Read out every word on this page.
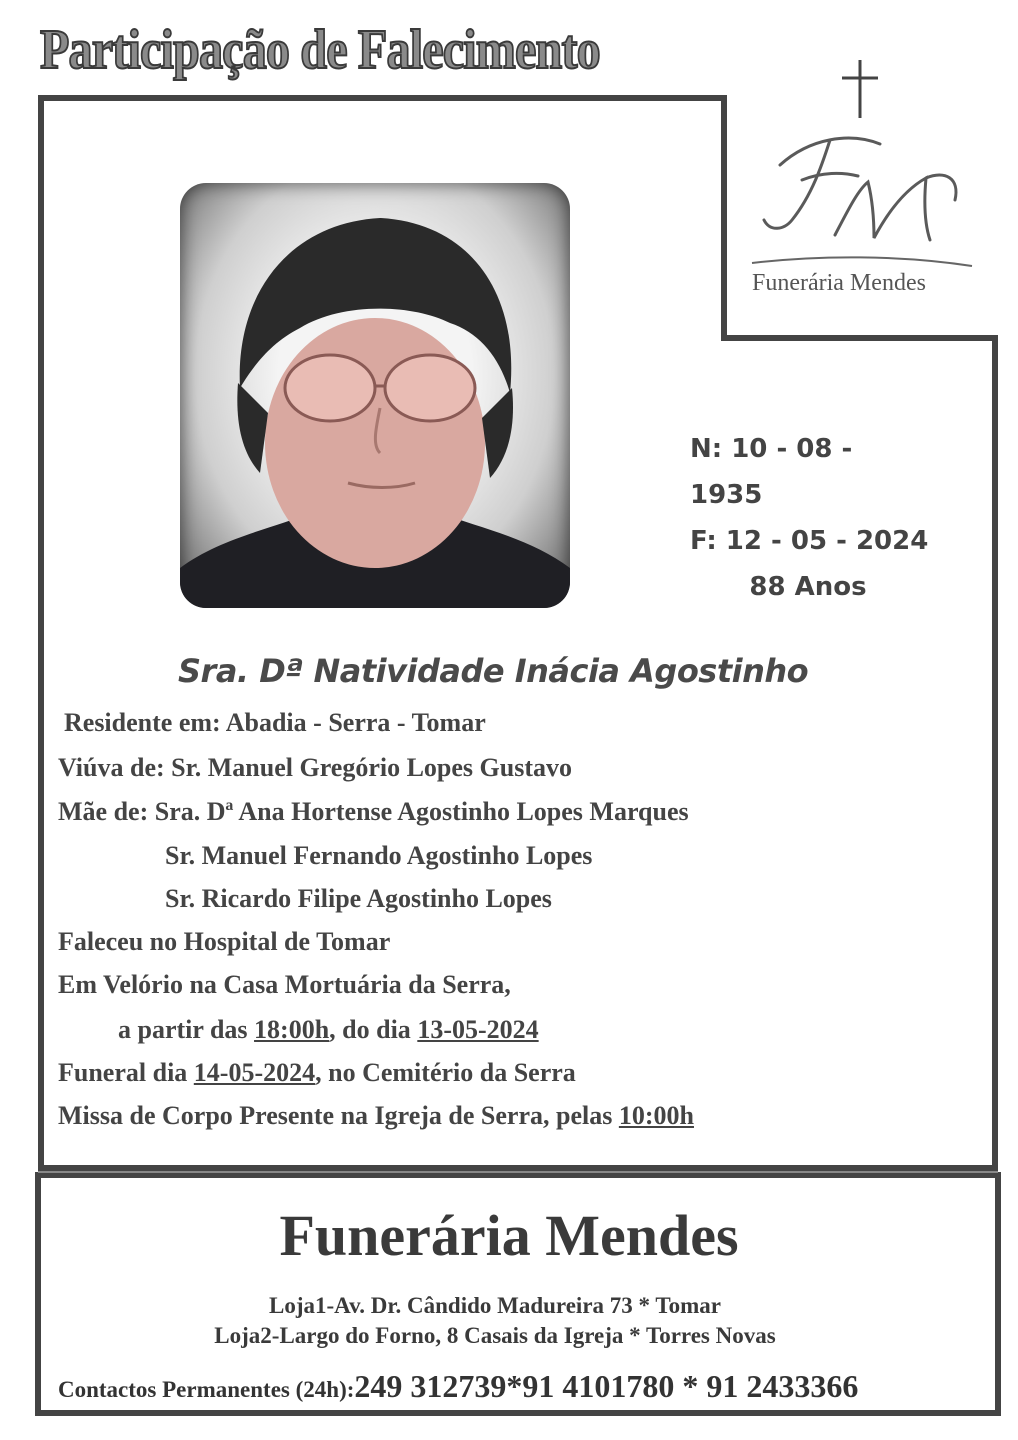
Participação de Falecimento
Funerária Mendes
N: 10 - 08 - 1935
F: 12 - 05 - 2024
88 Anos
Sra. Dª Natividade Inácia Agostinho
Residente em: Abadia - Serra - Tomar
Viúva de: Sr. Manuel Gregório Lopes Gustavo
Mãe de: Sra. Dª Ana Hortense Agostinho Lopes Marques
Sr. Manuel Fernando Agostinho Lopes
Sr. Ricardo Filipe Agostinho Lopes
Faleceu no Hospital de Tomar
Em Velório na Casa Mortuária da Serra,
a partir das 18:00h, do dia 13-05-2024
Funeral dia 14-05-2024, no Cemitério da Serra
Missa de Corpo Presente na Igreja de Serra, pelas 10:00h
Funerária Mendes
Loja1-Av. Dr. Cândido Madureira 73 * Tomar
Loja2-Largo do Forno, 8 Casais da Igreja * Torres Novas
Contactos Permanentes (24h):249 312739*91 4101780 * 91 2433366
